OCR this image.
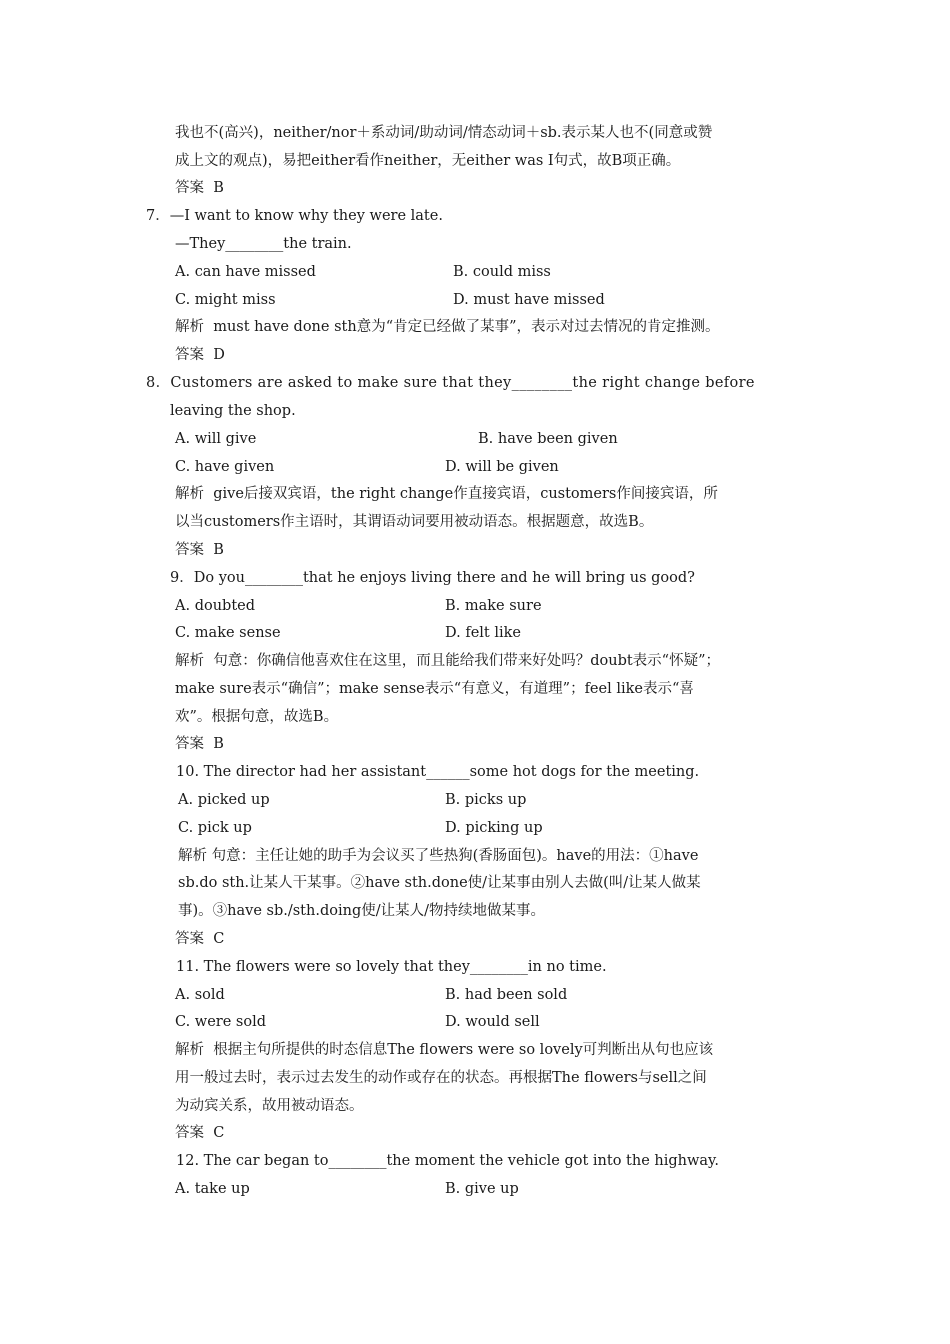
我也不(高兴)，neither/nor＋系动词/助动词/情态动词＋sb.表示某人也不(同意或赞
成上文的观点)，易把either看作neither，无either was I句式，故B项正确。
答案  B
7．—I want to know why they were late.
—They________the train.
A. can have missed	B. could miss
C. might miss	D. must have missed
解析  must have done sth意为“肯定已经做了某事”，表示对过去情况的肯定推测。
答案  D
8．Customers are asked to make sure that they________the right change before
leaving the shop.
A. will give	B. have been given
C. have given	D. will be given
解析  give后接双宾语，the right change作直接宾语，customers作间接宾语，所
以当customers作主语时，其谓语动词要用被动语态。根据题意，故选B。
答案  B
9．Do you________that he enjoys living there and he will bring us good?
A. doubted	B. make sure
C. make sense	D. felt like
解析  句意：你确信他喜欢住在这里，而且能给我们带来好处吗？doubt表示“怀疑”；
make sure表示“确信”；make sense表示“有意义，有道理”；feel like表示“喜
欢”。根据句意，故选B。
答案  B
10. The director had her assistant______some hot dogs for the meeting.
A. picked up	B. picks up
C. pick up	D. picking up
解析 句意：主任让她的助手为会议买了些热狗(香肠面包)。have的用法：①have
sb.do sth.让某人干某事。②have sth.done使/让某事由别人去做(叫/让某人做某
事)。③have sb./sth.doing使/让某人/物持续地做某事。
答案  C
11. The flowers were so lovely that they________in no time.
A. sold	B. had been sold
C. were sold	D. would sell
解析  根据主句所提供的时态信息The flowers were so lovely可判断出从句也应该
用一般过去时，表示过去发生的动作或存在的状态。再根据The flowers与sell之间
为动宾关系，故用被动语态。
答案  C
12. The car began to________the moment the vehicle got into the highway.
A. take up	B. give up
